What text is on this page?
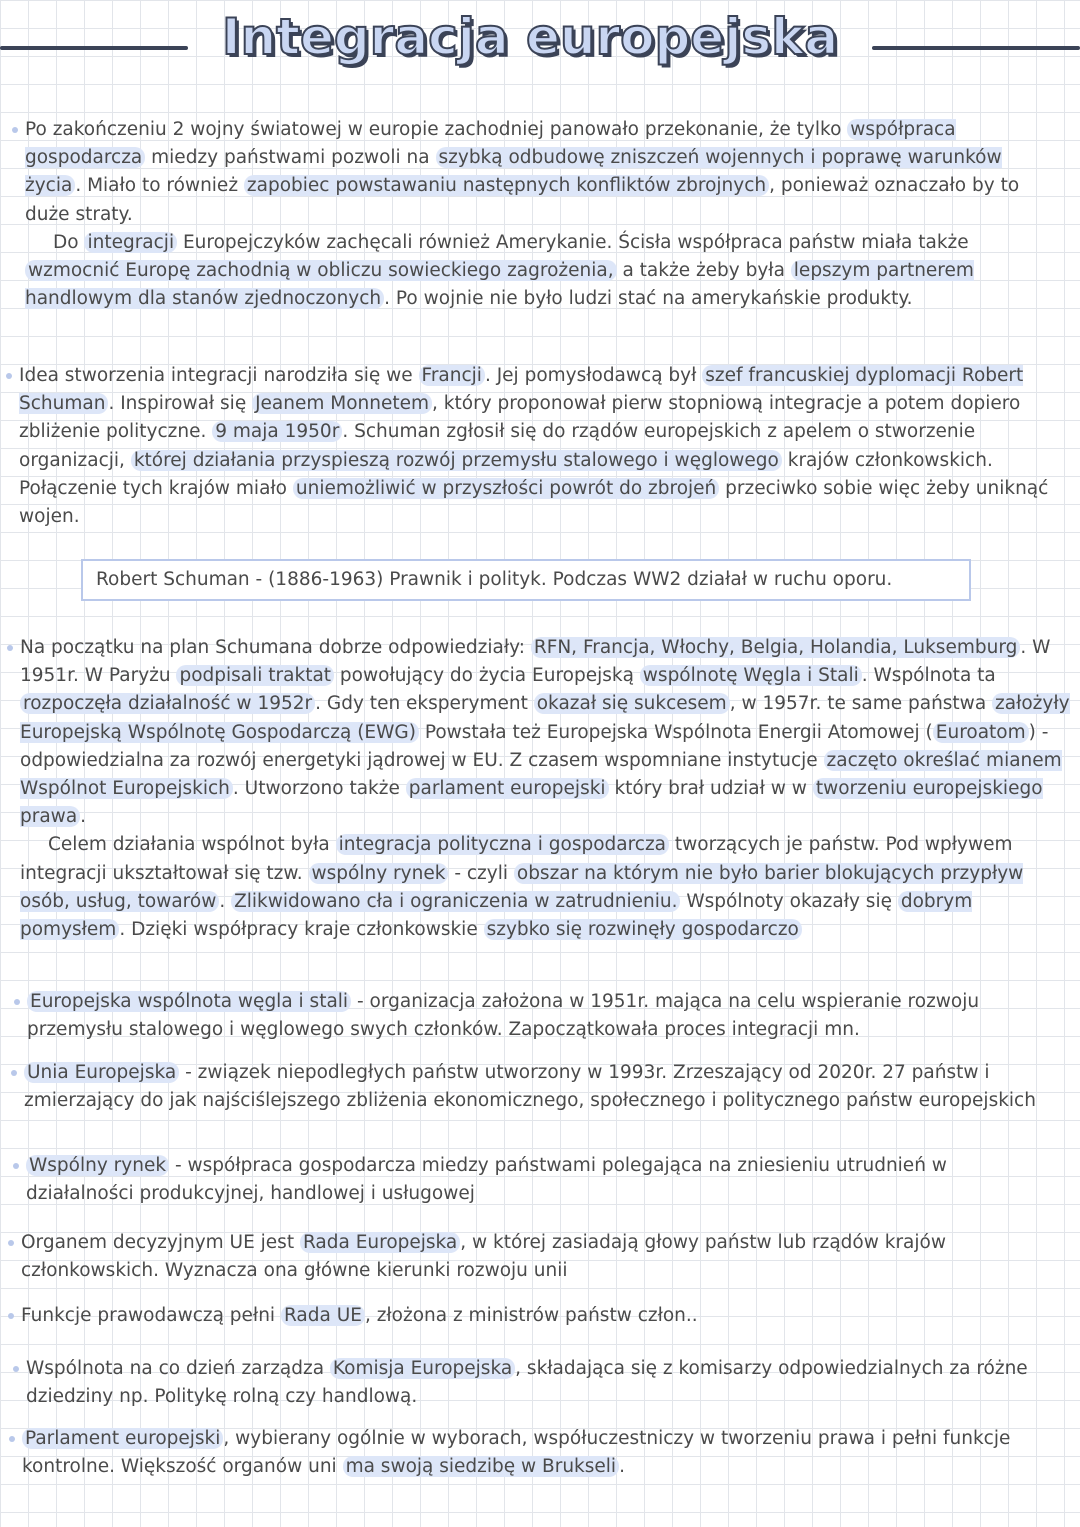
Integracja europejska

Po zakończeniu 2 wojny światowej w europie zachodniej panowało przekonanie, że tylko współpraca gospodarcza miedzy państwami pozwoli na szybką odbudowę zniszczeń wojennych i poprawę warunków życia . Miało to również zapobiec powstawaniu następnych konfliktów zbrojnych , ponieważ oznaczało by to duże straty.

Do integracji Europejczyków zachęcali również Amerykanie. Ścisła współpraca państw miała także wzmocnić Europę zachodnią w obliczu sowieckiego zagrożenia, a także żeby była lepszym partnerem handlowym dla stanów zjednoczonych . Po wojnie nie było ludzi stać na amerykańskie produkty.

Idea stworzenia integracji narodziła się we Francji . Jej pomysłodawcą był szef francuskiej dyplomacji Robert Schuman . Inspirował się Jeanem Monnetem , który proponował pierw stopniową integracje a potem dopiero zbliżenie polityczne. 9 maja 1950r . Schuman zgłosił się do rządów europejskich z apelem o stworzenie organizacji, której działania przyspieszą rozwój przemysłu stalowego i węglowego krajów członkowskich. Połączenie tych krajów miało uniemożliwić w przyszłości powrót do zbrojeń przeciwko sobie więc żeby uniknąć wojen.

Robert Schuman - (1886-1963) Prawnik i polityk. Podczas WW2 działał w ruchu oporu.

Na początku na plan Schumana dobrze odpowiedziały: RFN, Francja, Włochy, Belgia, Holandia, Luksemburg . W 1951r. W Paryżu podpisali traktat powołujący do życia Europejską wspólnotę Węgla i Stali . Wspólnota ta rozpoczęła działalność w 1952r . Gdy ten eksperyment okazał się sukcesem , w 1957r. te same państwa założyły Europejską Wspólnotę Gospodarczą (EWG) Powstała też Europejska Wspólnota Energii Atomowej ( Euroatom ) - odpowiedzialna za rozwój energetyki jądrowej w EU. Z czasem wspomniane instytucje zaczęto określać mianem Wspólnot Europejskich . Utworzono także parlament europejski który brał udział w w tworzeniu europejskiego prawa .

Celem działania wspólnot była integracja polityczna i gospodarcza tworzących je państw. Pod wpływem integracji ukształtował się tzw. wspólny rynek - czyli obszar na którym nie było barier blokujących przypływ osób, usług, towarów . Zlikwidowano cła i ograniczenia w zatrudnieniu. Wspólnoty okazały się dobrym pomysłem . Dzięki współpracy kraje członkowskie szybko się rozwinęły gospodarczo

Europejska wspólnota węgla i stali - organizacja założona w 1951r. mająca na celu wspieranie rozwoju przemysłu stalowego i węglowego swych członków. Zapoczątkowała proces integracji mn.

Unia Europejska - związek niepodległych państw utworzony w 1993r. Zrzeszający od 2020r. 27 państw i zmierzający do jak najściślejszego zbliżenia ekonomicznego, społecznego i politycznego państw europejskich

Wspólny rynek - współpraca gospodarcza miedzy państwami polegająca na zniesieniu utrudnień w działalności produkcyjnej, handlowej i usługowej

Organem decyzyjnym UE jest Rada Europejska , w której zasiadają głowy państw lub rządów krajów członkowskich. Wyznacza ona główne kierunki rozwoju unii

Funkcje prawodawczą pełni Rada UE , złożona z ministrów państw człon..

Wspólnota na co dzień zarządza Komisja Europejska , składająca się z komisarzy odpowiedzialnych za różne dziedziny np. Politykę rolną czy handlową.

Parlament europejski , wybierany ogólnie w wyborach, współuczestniczy w tworzeniu prawa i pełni funkcje kontrolne. Większość organów uni ma swoją siedzibę w Brukseli .
